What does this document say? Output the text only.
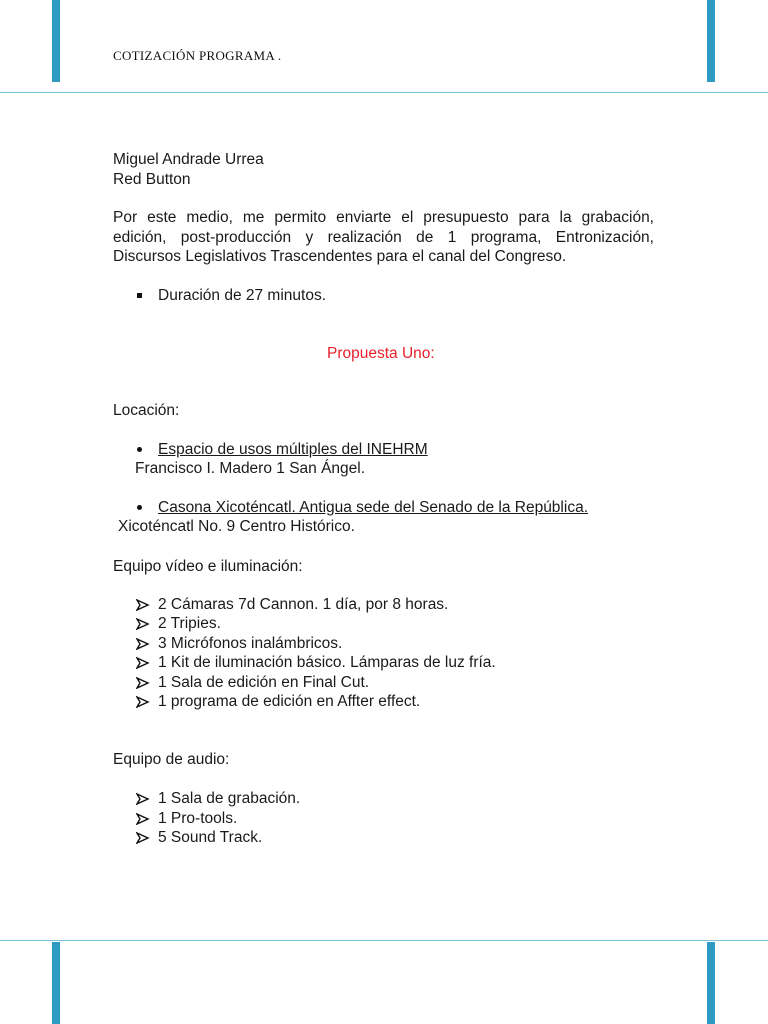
COTIZACIÓN PROGRAMA .
Miguel Andrade Urrea
Red Button
Por este medio, me permito enviarte el presupuesto para la grabación, edición, post-producción y realización de 1 programa, Entronización, Discursos Legislativos Trascendentes para el canal del Congreso.
Duración de 27 minutos.
Propuesta Uno:
Locación:
Espacio de usos múltiples del INEHRM
Francisco I. Madero 1 San Ángel.
Casona Xicoténcatl. Antigua sede del Senado de la República.
Xicoténcatl No. 9 Centro Histórico.
Equipo vídeo e iluminación:
2 Cámaras 7d Cannon. 1 día, por 8 horas.
2 Tripies.
3 Micrófonos inalámbricos.
1 Kit de iluminación básico. Lámparas de luz fría.
1 Sala de edición en Final Cut.
1 programa de edición en Affter effect.
Equipo de audio:
1 Sala de grabación.
1 Pro-tools.
5 Sound Track.
